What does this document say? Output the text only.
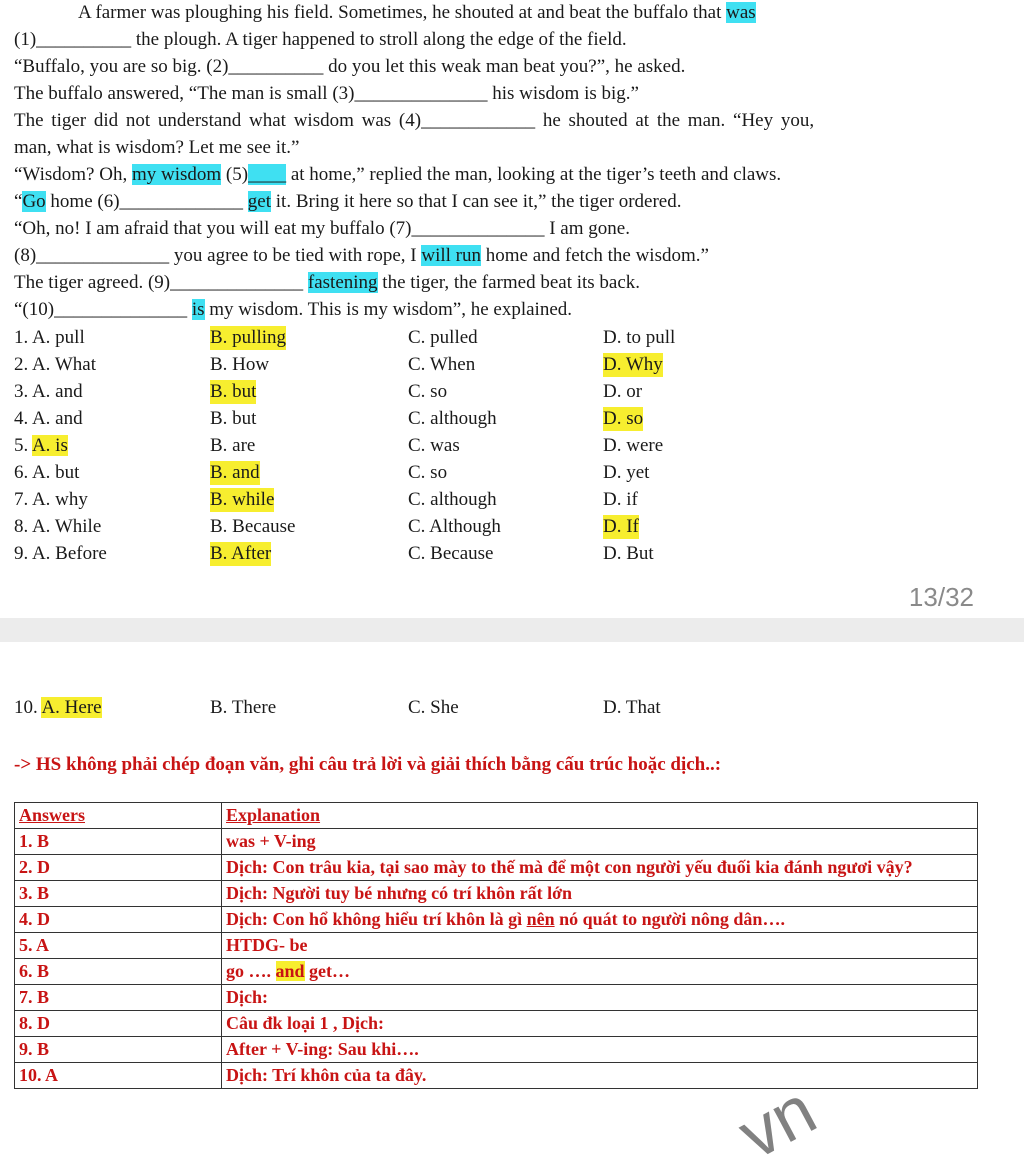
A farmer was ploughing his field. Sometimes, he shouted at and beat the buffalo that was
(1)__________ the plough. A tiger happened to stroll along the edge of the field.
“Buffalo, you are so big. (2)__________ do you let this weak man beat you?”, he asked.
The buffalo answered, “The man is small (3)______________ his wisdom is big.”
The tiger did not understand what wisdom was (4)____________ he shouted at the man. “Hey you,
man, what is wisdom? Let me see it.”
“Wisdom? Oh, my wisdom (5)____ at home,” replied the man, looking at the tiger’s teeth and claws.
“Go home (6)_____________ get it. Bring it here so that I can see it,” the tiger ordered.
“Oh, no! I am afraid that you will eat my buffalo (7)______________ I am gone.
(8)______________ you agree to be tied with rope, I will run home and fetch the wisdom.”
The tiger agreed. (9)______________ fastening the tiger, the farmed beat its back.
“(10)______________ is my wisdom. This is my wisdom”, he explained.
1. A. pull	B. pulling	C. pulled	D. to pull
2. A. What	B. How	C. When	D. Why
3. A. and	B. but	C. so	D. or
4. A. and	B. but	C. although	D. so
5. A. is	B. are	C. was	D. were
6. A. but	B. and	C. so	D. yet
7. A. why	B. while	C. although	D. if
8. A. While	B. Because	C. Although	D. If
9. A. Before	B. After	C. Because	D. But
13/32
10. A. Here	B. There	C. She	D. That
-> HS không phải chép đoạn văn, ghi câu trả lời và giải thích bằng cấu trúc hoặc dịch..:
Answers	Explanation
1. B	was + V-ing
2. D	Dịch: Con trâu kia, tại sao mày to thế mà để một con người yếu đuối kia đánh ngươi vậy?
3. B	Dịch: Người tuy bé nhưng có trí khôn rất lớn
4. D	Dịch: Con hổ không hiểu trí khôn là gì nên nó quát to người nông dân….
5. A	HTDG- be
6. B	go …. and get…
7. B	Dịch:
8. D	Câu đk loại 1 , Dịch:
9. B	After + V-ing: Sau khi….
10. A	Dịch: Trí khôn của ta đây.	vn
